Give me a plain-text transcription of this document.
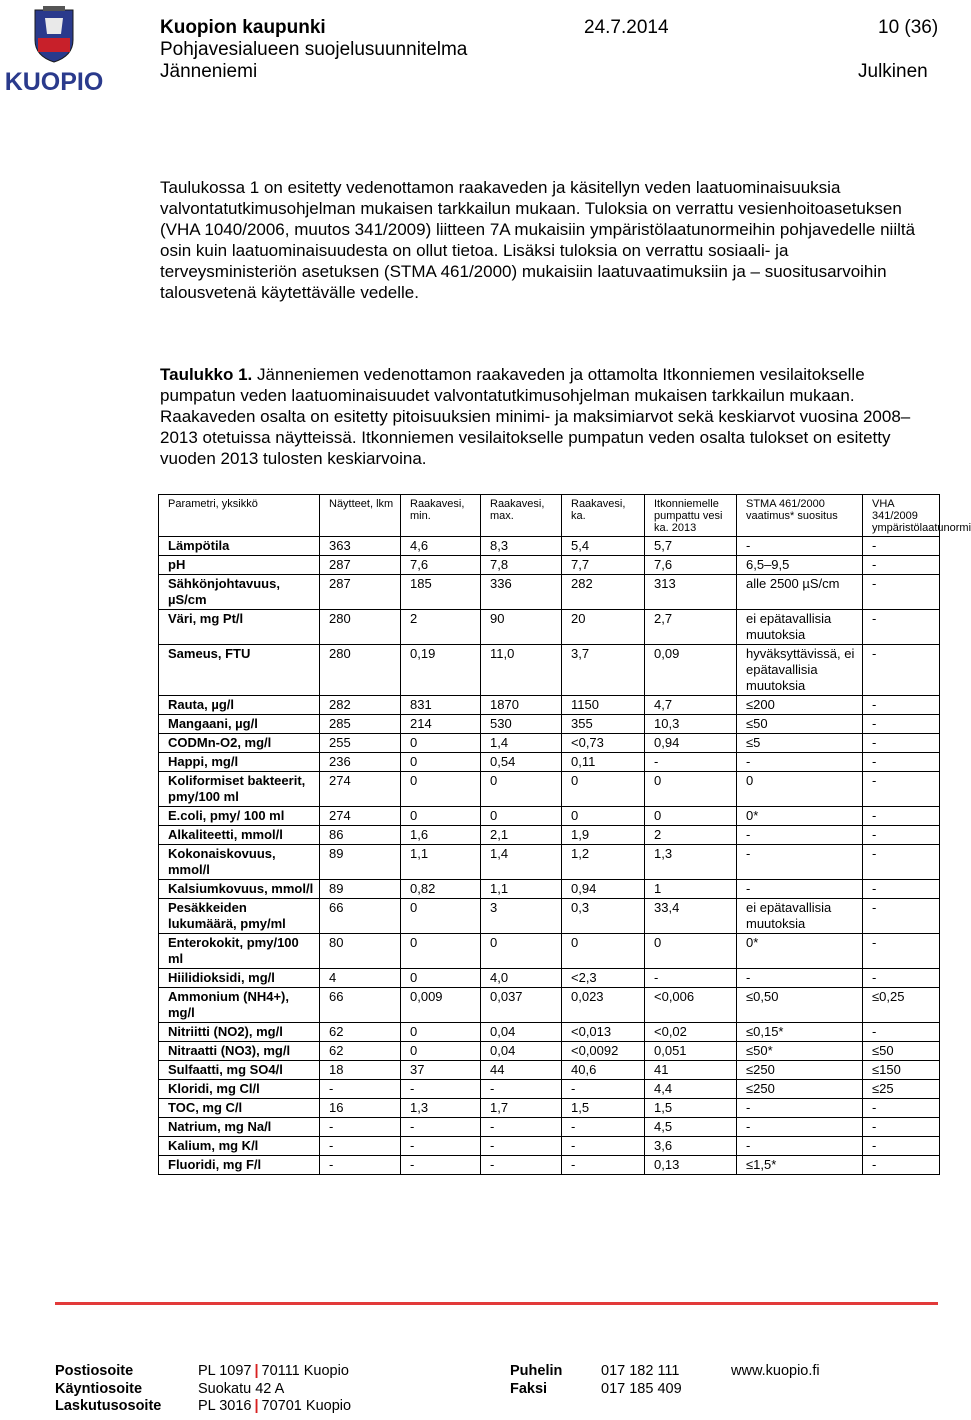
KUOPIO
Kuopion kaupunki	24.7.2014	10 (36)
Pohjavesialueen suojelusuunnitelma
Jänneniemi	Julkinen

Taulukossa 1 on esitetty vedenottamon raakaveden ja käsitellyn veden laatuominaisuuksia valvontatutkimusohjelman mukaisen tarkkailun mukaan. Tuloksia on verrattu vesienhoitoasetuksen (VHA 1040/2006, muutos 341/2009) liitteen 7A mukaisiin ympäristölaatunormeihin pohjavedelle niiltä osin kuin laatuominaisuudesta on ollut tietoa. Lisäksi tuloksia on verrattu sosiaali- ja terveysministeriön asetuksen (STMA 461/2000) mukaisiin laatuvaatimuksiin ja – suositusarvoihin talousvetenä käytettävälle vedelle.

Taulukko 1. Jänneniemen vedenottamon raakaveden ja ottamolta Itkonniemen vesilaitokselle pumpatun veden laatuominaisuudet valvontatutkimusohjelman mukaisen tarkkailun mukaan. Raakaveden osalta on esitetty pitoisuuksien minimi- ja maksimiarvot sekä keskiarvot vuosina 2008–2013 otetuissa näytteissä. Itkonniemen vesilaitokselle pumpatun veden osalta tulokset on esitetty vuoden 2013 tulosten keskiarvoina.

Parametri, yksikkö	Näytteet, lkm	Raakavesi, min.	Raakavesi, max.	Raakavesi, ka.	Itkonniemelle pumpattu vesi ka. 2013	STMA 461/2000 vaatimus* suositus	VHA 341/2009 ympäristölaatunormi
Lämpötila	363	4,6	8,3	5,4	5,7	-	-
pH	287	7,6	7,8	7,7	7,6	6,5–9,5	-
Sähkönjohtavuus, µS/cm	287	185	336	282	313	alle 2500 µS/cm	-
Väri, mg Pt/l	280	2	90	20	2,7	ei epätavallisia muutoksia	-
Sameus, FTU	280	0,19	11,0	3,7	0,09	hyväksyttävissä, ei epätavallisia muutoksia	-
Rauta, µg/l	282	831	1870	1150	4,7	≤200	-
Mangaani, µg/l	285	214	530	355	10,3	≤50	-
CODMn-O2, mg/l	255	0	1,4	<0,73	0,94	≤5	-
Happi, mg/l	236	0	0,54	0,11	-	-	-
Koliformiset bakteerit, pmy/100 ml	274	0	0	0	0	0	-
E.coli, pmy/ 100 ml	274	0	0	0	0	0*	-
Alkaliteetti, mmol/l	86	1,6	2,1	1,9	2	-	-
Kokonaiskovuus, mmol/l	89	1,1	1,4	1,2	1,3	-	-
Kalsiumkovuus, mmol/l	89	0,82	1,1	0,94	1	-	-
Pesäkkeiden lukumäärä, pmy/ml	66	0	3	0,3	33,4	ei epätavallisia muutoksia	-
Enterokokit, pmy/100 ml	80	0	0	0	0	0*	-
Hiilidioksidi, mg/l	4	0	4,0	<2,3	-	-	-
Ammonium (NH4+), mg/l	66	0,009	0,037	0,023	<0,006	≤0,50	≤0,25
Nitriitti (NO2), mg/l	62	0	0,04	<0,013	<0,02	≤0,15*	-
Nitraatti (NO3), mg/l	62	0	0,04	<0,0092	0,051	≤50*	≤50
Sulfaatti, mg SO4/l	18	37	44	40,6	41	≤250	≤150
Kloridi, mg Cl/l	-	-	-	-	4,4	≤250	≤25
TOC, mg C/l	16	1,3	1,7	1,5	1,5	-	-
Natrium, mg Na/l	-	-	-	-	4,5	-	-
Kalium, mg K/l	-	-	-	-	3,6	-	-
Fluoridi, mg F/l	-	-	-	-	0,13	≤1,5*	-
Postiosoite
Käyntiosoite
Laskutusosoite
PL 1097 | 70111 Kuopio
Suokatu 42 A
PL 3016 | 70701 Kuopio
Puhelin
Faksi
017 182 111
017 185 409
www.kuopio.fi
